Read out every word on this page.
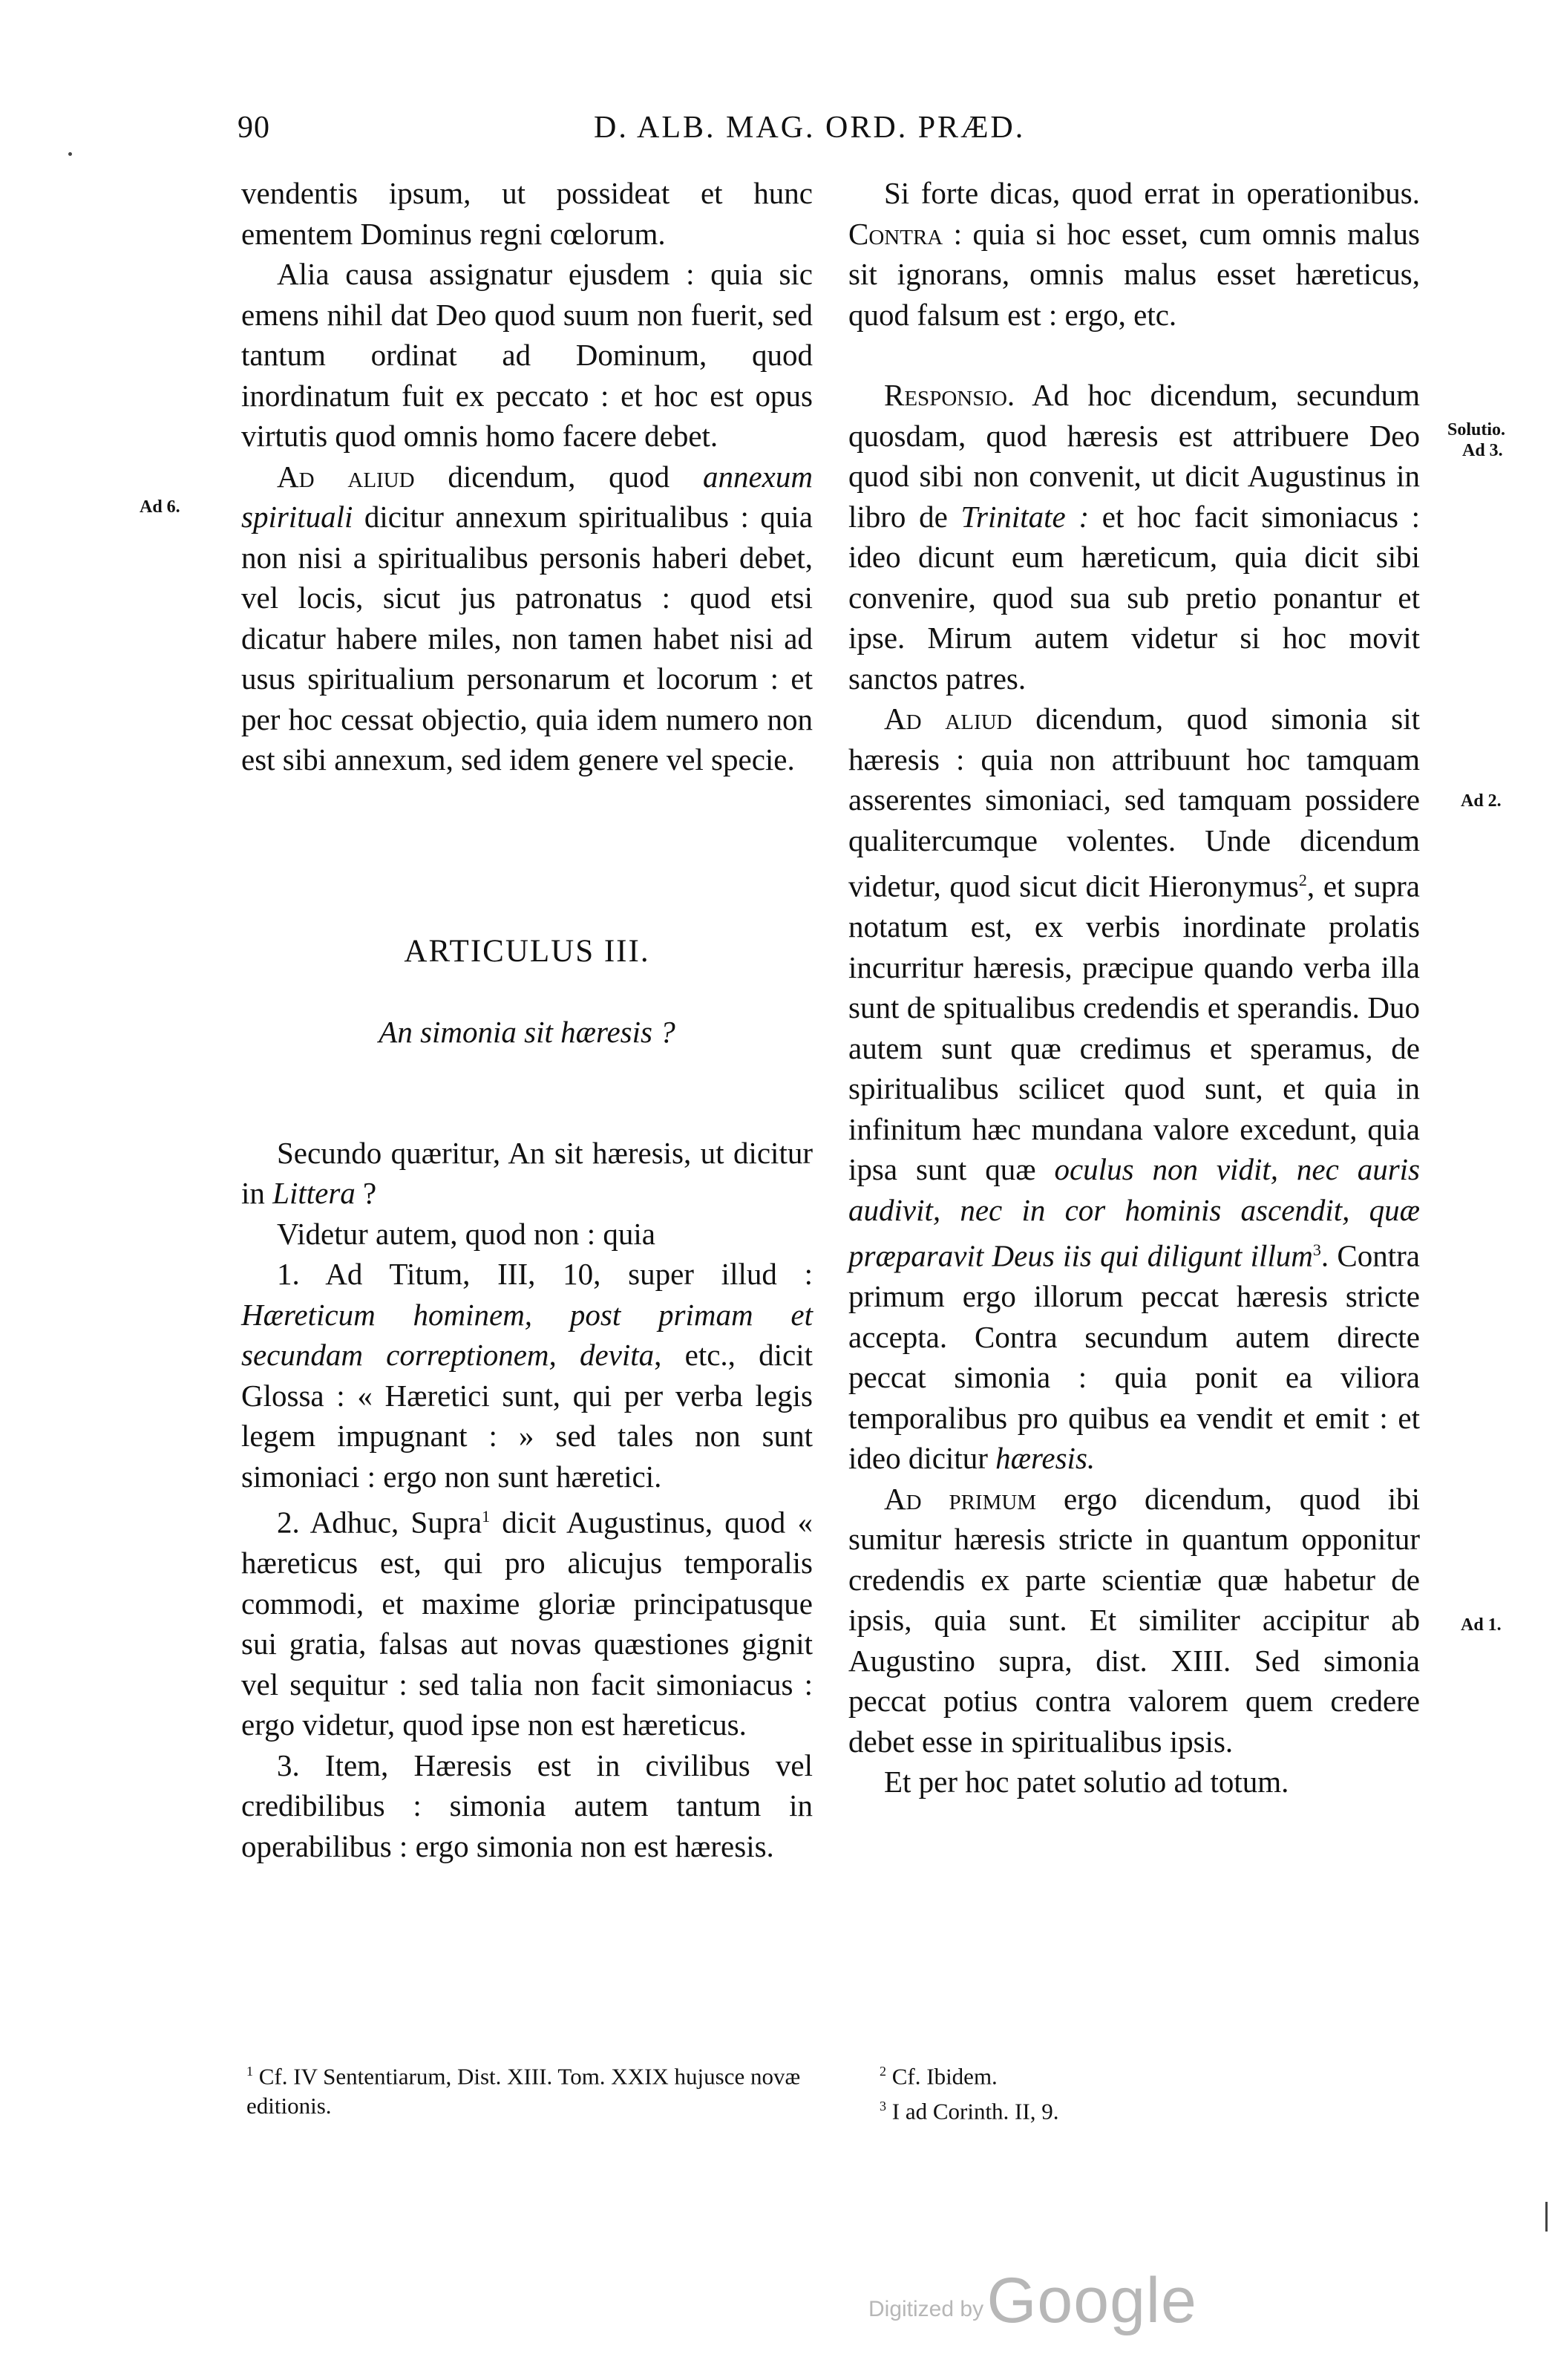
90	D. ALB. MAG. ORD. PRÆD.

vendentis ipsum, ut possideat et hunc ementem Dominus regni cœlorum.

Alia causa assignatur ejusdem : quia sic emens nihil dat Deo quod suum non fuerit, sed tantum ordinat ad Dominum, quod inordinatum fuit ex peccato : et hoc est opus virtutis quod omnis homo facere debet.

Ad aliud dicendum, quod annexum spirituali dicitur annexum spiritualibus : quia non nisi a spiritualibus personis haberi debet, vel locis, sicut jus patronatus : quod etsi dicatur habere miles, non tamen habet nisi ad usus spiritualium personarum et locorum : et per hoc cessat objectio, quia idem numero non est sibi annexum, sed idem genere vel specie.

ARTICULUS III.

An simonia sit hæresis ?

Secundo quæritur, An sit hæresis, ut dicitur in Littera ?

Videtur autem, quod non : quia

1. Ad Titum, III, 10, super illud : Hæreticum hominem, post primam et secundam correptionem, devita, etc., dicit Glossa : « Hæretici sunt, qui per verba legis legem impugnant : » sed tales non sunt simoniaci : ergo non sunt hæretici.

2. Adhuc, Supra$^1$ dicit Augustinus, quod « hæreticus est, qui pro alicujus temporalis commodi, et maxime gloriæ principatusque sui gratia, falsas aut novas quæstiones gignit vel sequitur : sed talia non facit simoniacus : ergo videtur, quod ipse non est hæreticus.

3. Item, Hæresis est in civilibus vel credibilibus : simonia autem tantum in operabilibus : ergo simonia non est hæresis.

Si forte dicas, quod errat in operationibus. Contra : quia si hoc esset, cum omnis malus sit ignorans, omnis malus esset hæreticus, quod falsum est : ergo, etc.

Responsio. Ad hoc dicendum, secundum quosdam, quod hæresis est attribuere Deo quod sibi non convenit, ut dicit Augustinus in libro de Trinitate : et hoc facit simoniacus : ideo dicunt eum hæreticum, quia dicit sibi convenire, quod sua sub pretio ponantur et ipse. Mirum autem videtur si hoc movit sanctos patres.

Ad aliud dicendum, quod simonia sit hæresis : quia non attribuunt hoc tamquam asserentes simoniaci, sed tamquam possidere qualitercumque volentes. Unde dicendum videtur, quod sicut dicit Hieronymus$^2$, et supra notatum est, ex verbis inordinate prolatis incurritur hæresis, præcipue quando verba illa sunt de spitualibus credendis et sperandis. Duo autem sunt quæ credimus et speramus, de spiritualibus scilicet quod sunt, et quia in infinitum hæc mundana valore excedunt, quia ipsa sunt quæ oculus non vidit, nec auris audivit, nec in cor hominis ascendit, quæ præparavit Deus iis qui diligunt illum$^3$. Contra primum ergo illorum peccat hæresis stricte accepta. Contra secundum autem directe peccat simonia : quia ponit ea viliora temporalibus pro quibus ea vendit et emit : et ideo dicitur hæresis.

Ad primum ergo dicendum, quod ibi sumitur hæresis stricte in quantum opponitur credendis ex parte scientiæ quæ habetur de ipsis, quia sunt. Et similiter accipitur ab Augustino supra, dist. XIII. Sed simonia peccat potius contra valorem quem credere debet esse in spiritualibus ipsis.

Et per hoc patet solutio ad totum.

Ad 6.
Solutio.
Ad 3.
Ad 2.
Ad 1.
$^1$ Cf. IV Sententiarum, Dist. XIII. Tom. XXIX hujusce novæ editionis.
$^2$ Cf. Ibidem.
$^3$ I ad Corinth. II, 9.
Digitized by Google
